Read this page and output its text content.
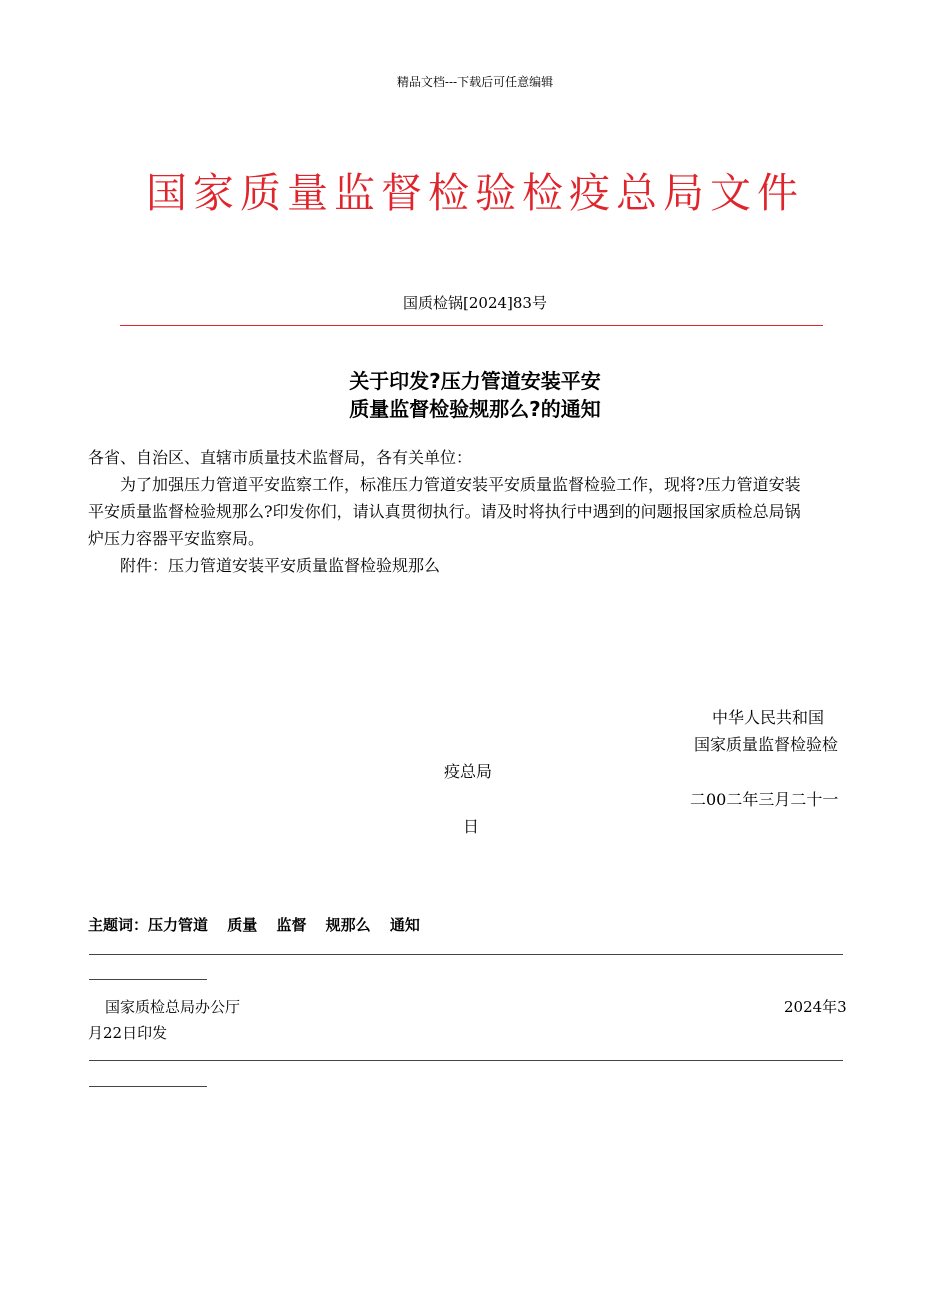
精品文档---下载后可任意编辑
国家质量监督检验检疫总局文件
国质检锅[2024]83号
关于印发?压力管道安装平安
质量监督检验规那么?的通知
各省、自治区、直辖市质量技术监督局，各有关单位：
为了加强压力管道平安监察工作，标准压力管道安装平安质量监督检验工作，现将?压力管道安装
平安质量监督检验规那么?印发你们，请认真贯彻执行。请及时将执行中遇到的问题报国家质检总局锅
炉压力容器平安监察局。
附件：压力管道安装平安质量监督检验规那么
中华人民共和国
国家质量监督检验检
疫总局
二00二年三月二十一
日
主题词：压力管道 质量 监督 规那么 通知
国家质检总局办公厅	2024年3
月22日印发
